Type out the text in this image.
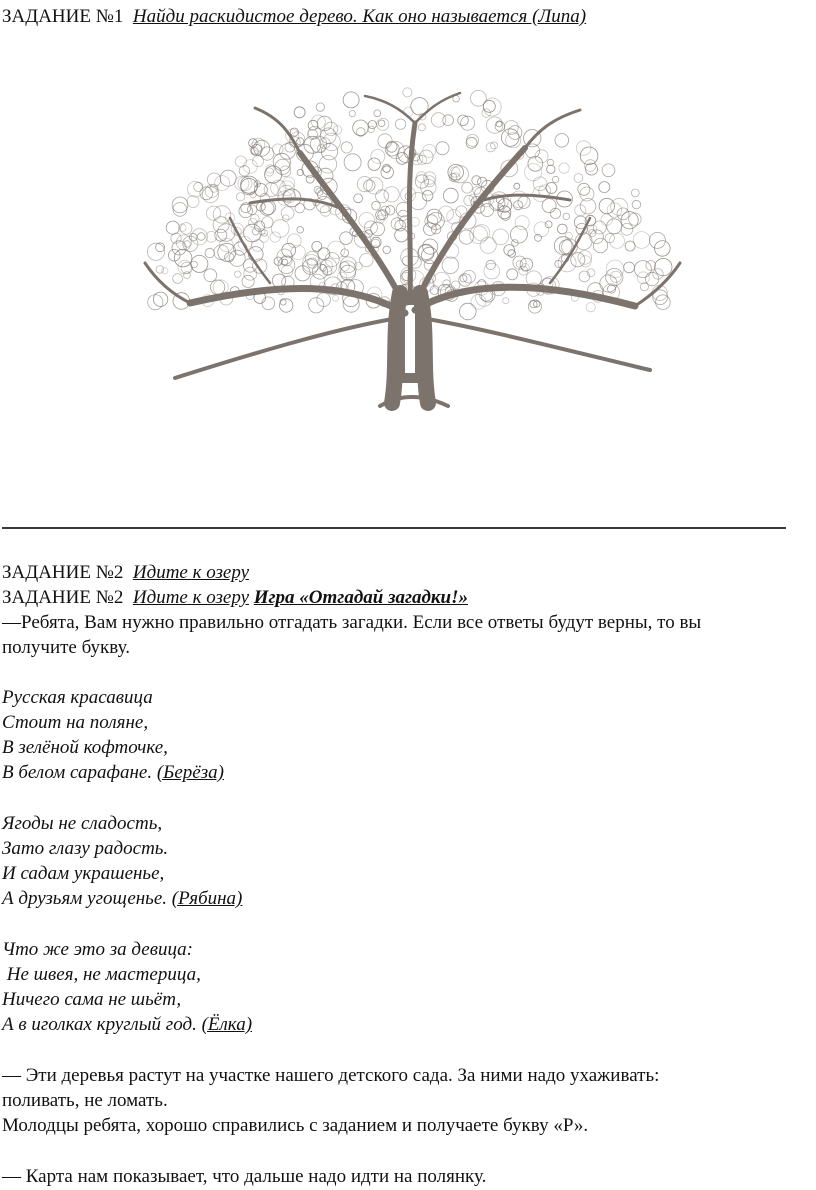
ЗАДАНИЕ №1 Найди раскидистое дерево. Как оно называется (Липа)
ЗАДАНИЕ №2 Идите к озеру
ЗАДАНИЕ №2 Идите к озеру Игра «Отгадай загадки!»
—Ребята, Вам нужно правильно отгадать загадки. Если все ответы будут верны, то вы
получите букву.
Русская красавица
Стоит на поляне,
В зелёной кофточке,
В белом сарафане. (Берёза)
Ягоды не сладость,
Зато глазу радость.
И садам украшенье,
А друзьям угощенье. (Рябина)
Что же это за девица:
Не швея, не мастерица,
Ничего сама не шьёт,
А в иголках круглый год. (Ёлка)
— Эти деревья растут на участке нашего детского сада. За ними надо ухаживать:
поливать, не ломать.
Молодцы ребята, хорошо справились с заданием и получаете букву «Р».
— Карта нам показывает, что дальше надо идти на полянку.
